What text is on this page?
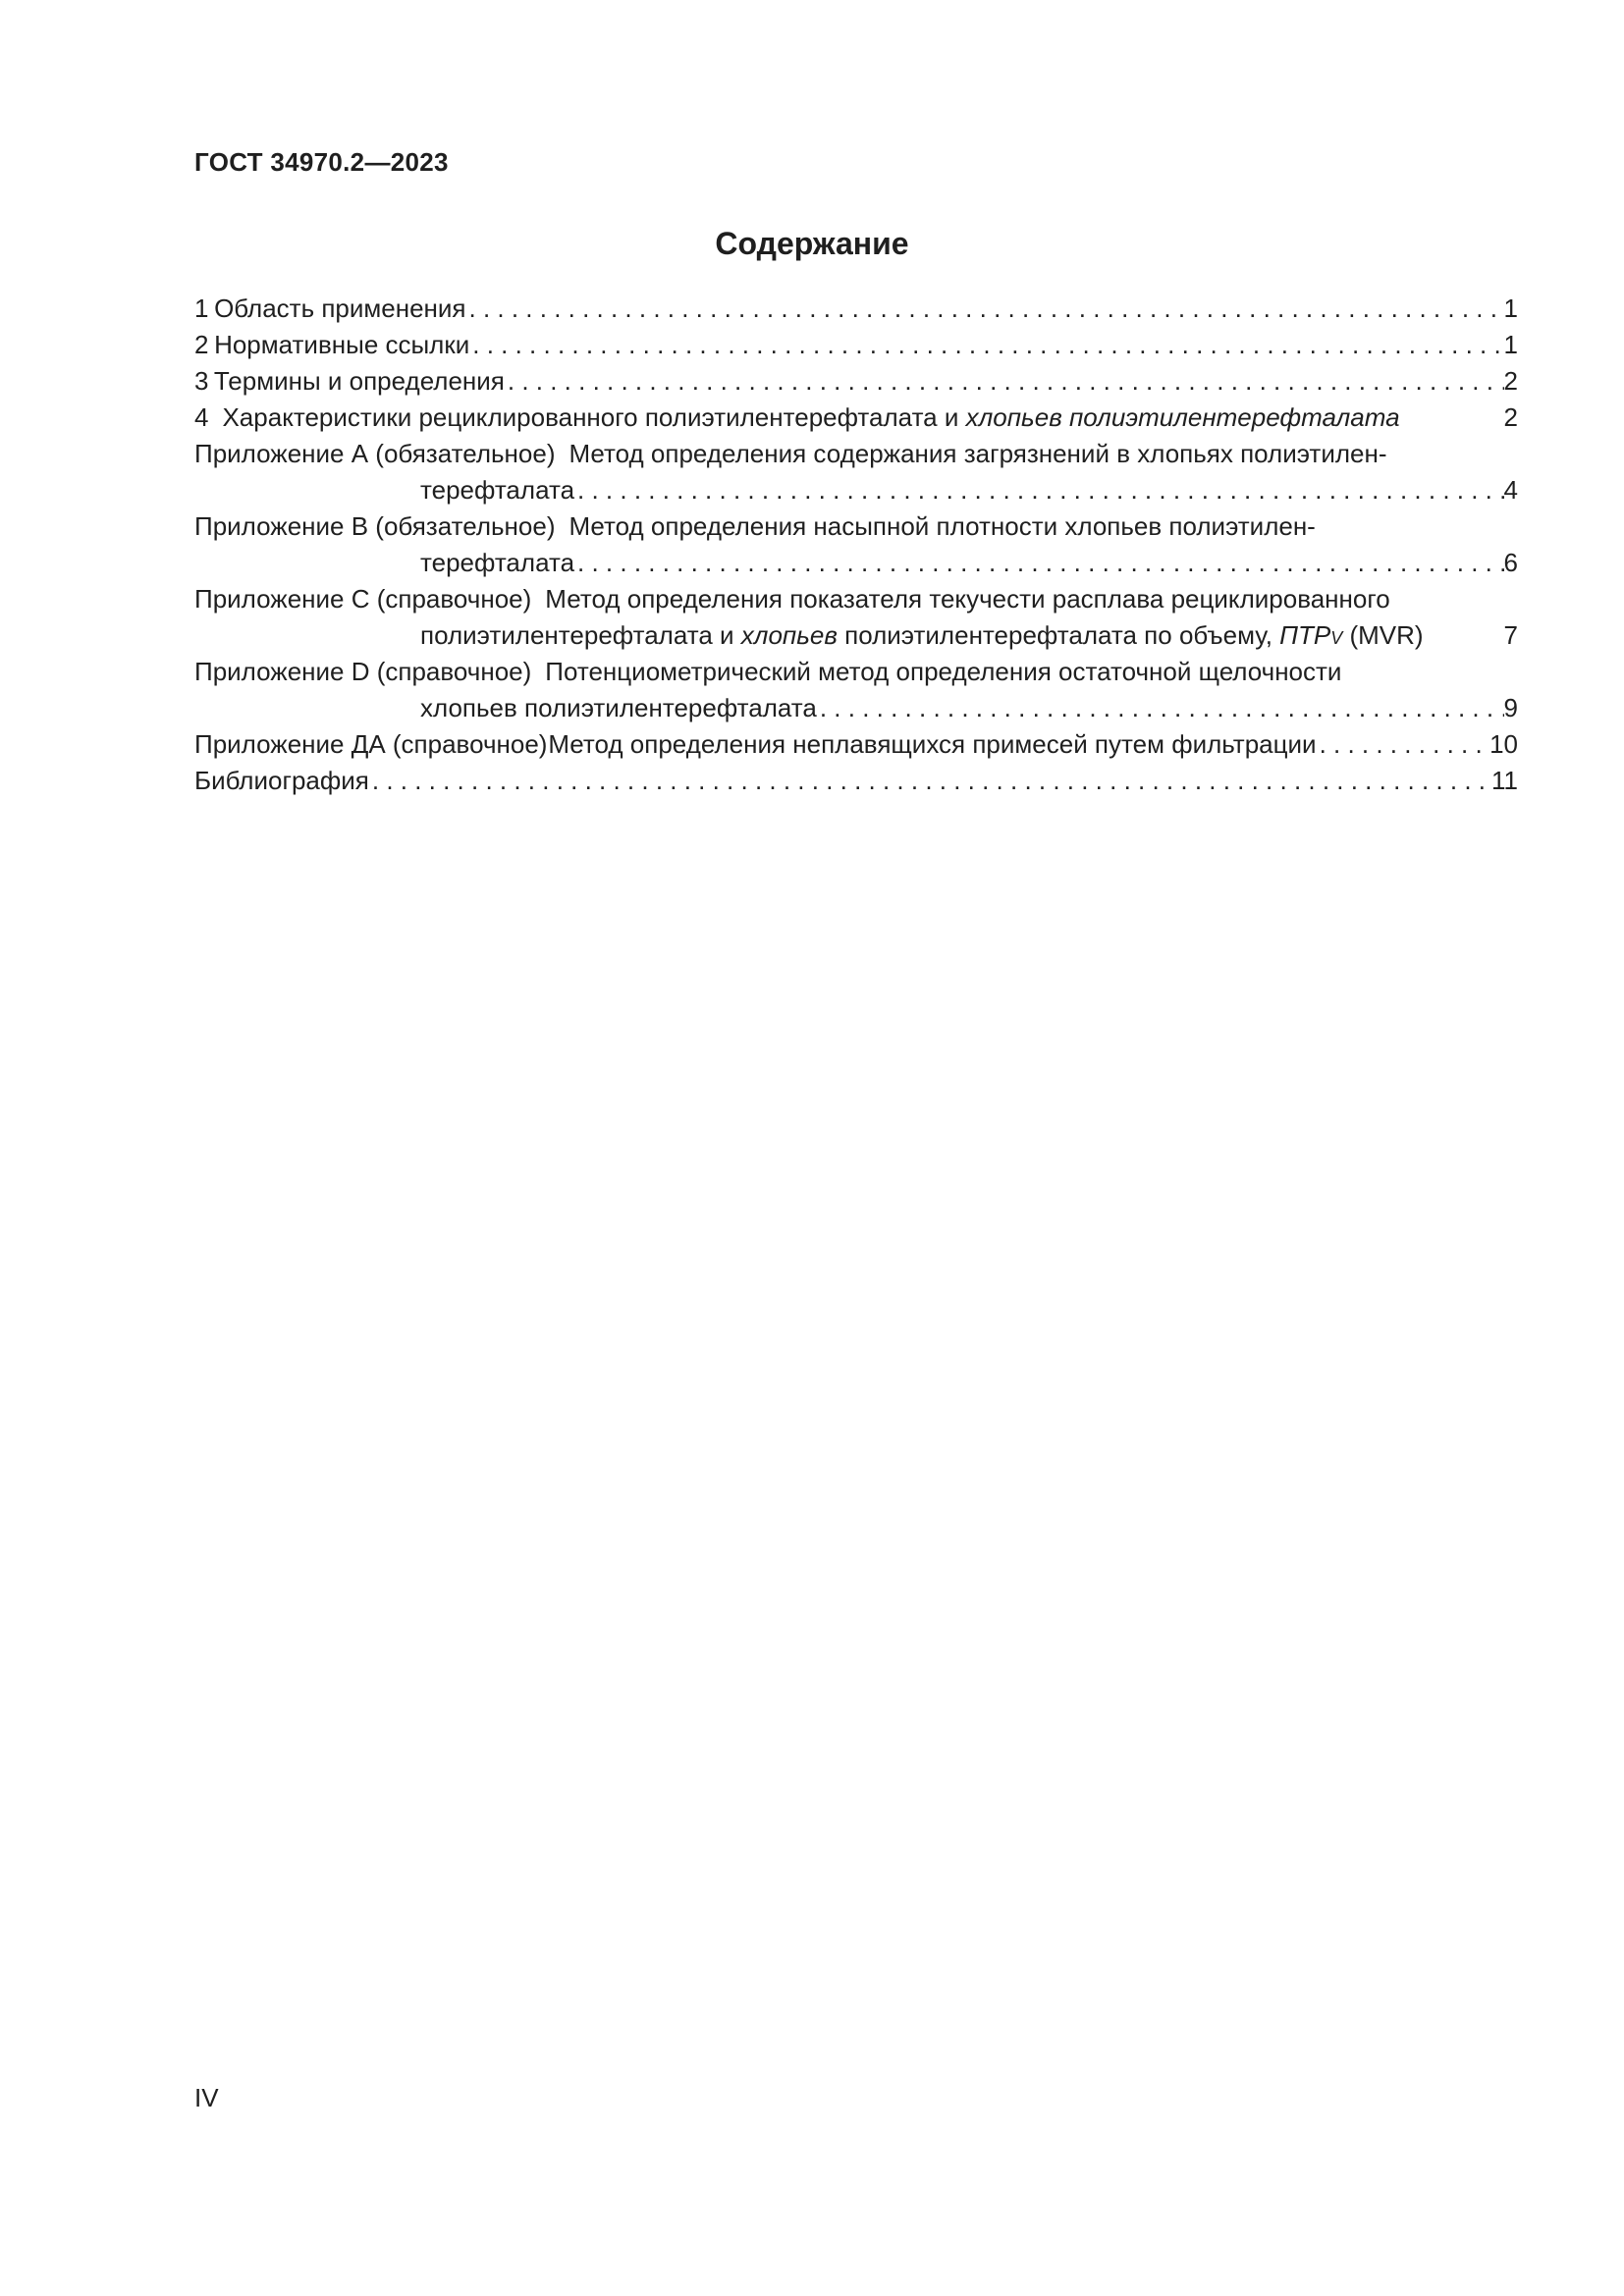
ГОСТ 34970.2—2023
Содержание
1 Область применения . . .	1
2 Нормативные ссылки . . .	1
3 Термины и определения . . .	2
4 Характеристики рециклированного полиэтилентерефталата и хлопьев полиэтилентерефталата	2
Приложение А (обязательное) Метод определения содержания загрязнений в хлопьях полиэтилен-
терефталата . . .	4
Приложение B (обязательное) Метод определения насыпной плотности хлопьев полиэтилен-
терефталата . . .	6
Приложение C (справочное) Метод определения показателя текучести расплава рециклированного
полиэтилентерефталата и хлопьев полиэтилентерефталата по объему, ПТР V (MVR)	7
Приложение D (справочное) Потенциометрический метод определения остаточной щелочности
хлопьев полиэтилентерефталата . . .	9
Приложение ДА (справочное) Метод определения неплавящихся примесей путем фильтрации . . .	10
Библиография . . .	11
IV
